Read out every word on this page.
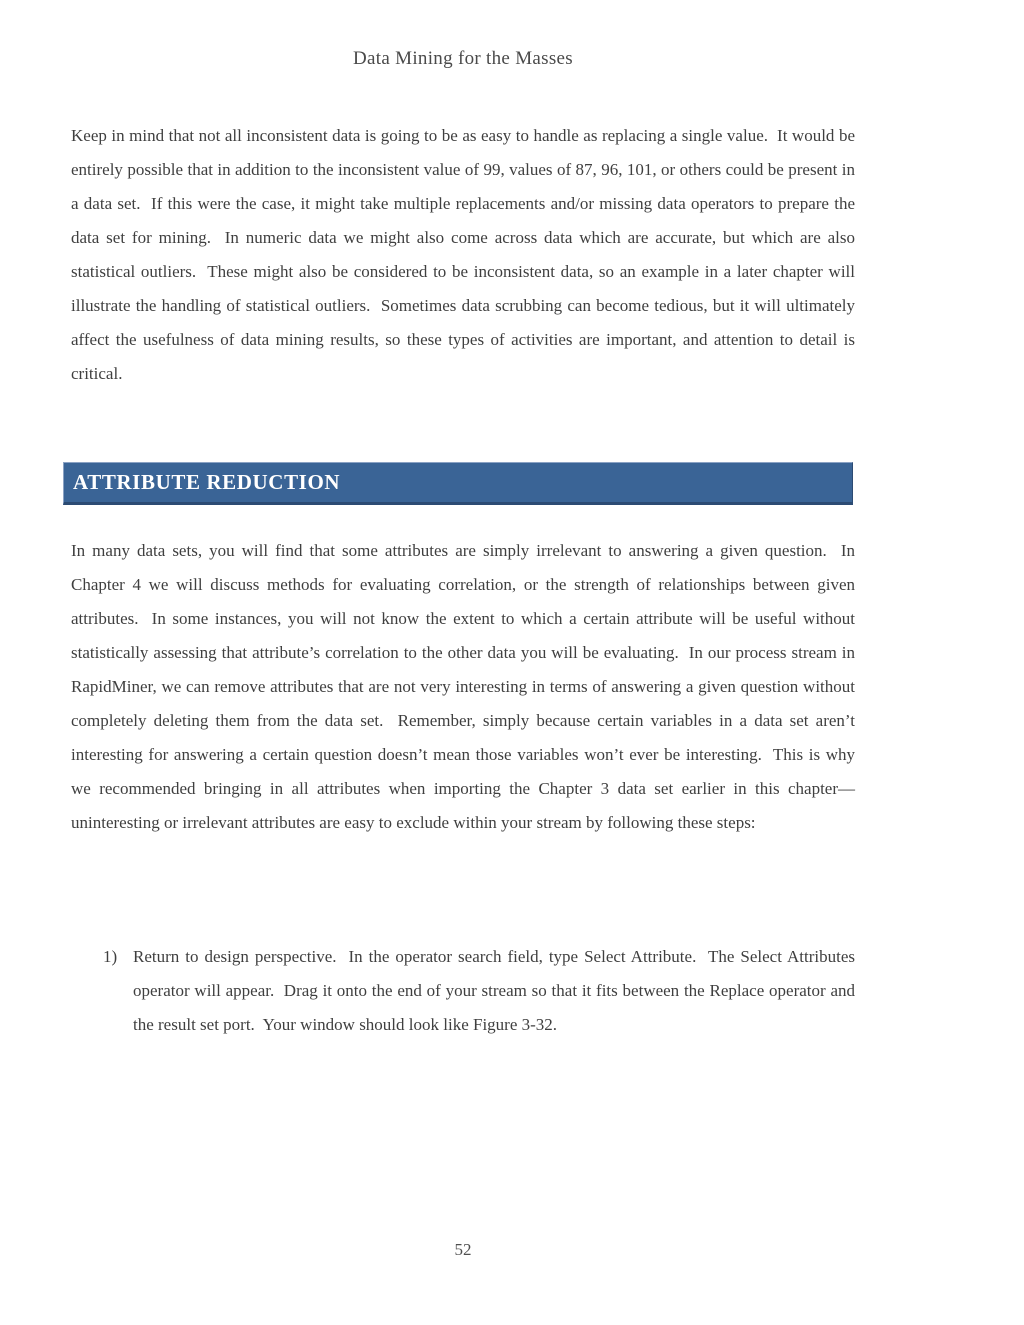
Data Mining for the Masses
Keep in mind that not all inconsistent data is going to be as easy to handle as replacing a single value.  It would be entirely possible that in addition to the inconsistent value of 99, values of 87, 96, 101, or others could be present in a data set.  If this were the case, it might take multiple replacements and/or missing data operators to prepare the data set for mining.  In numeric data we might also come across data which are accurate, but which are also statistical outliers.  These might also be considered to be inconsistent data, so an example in a later chapter will illustrate the handling of statistical outliers.  Sometimes data scrubbing can become tedious, but it will ultimately affect the usefulness of data mining results, so these types of activities are important, and attention to detail is critical.
ATTRIBUTE REDUCTION
In many data sets, you will find that some attributes are simply irrelevant to answering a given question.  In Chapter 4 we will discuss methods for evaluating correlation, or the strength of relationships between given attributes.  In some instances, you will not know the extent to which a certain attribute will be useful without statistically assessing that attribute’s correlation to the other data you will be evaluating.  In our process stream in RapidMiner, we can remove attributes that are not very interesting in terms of answering a given question without completely deleting them from the data set.  Remember, simply because certain variables in a data set aren’t interesting for answering a certain question doesn’t mean those variables won’t ever be interesting.  This is why we recommended bringing in all attributes when importing the Chapter 3 data set earlier in this chapter—uninteresting or irrelevant attributes are easy to exclude within your stream by following these steps:
1) Return to design perspective.  In the operator search field, type Select Attribute.  The Select Attributes operator will appear.  Drag it onto the end of your stream so that it fits between the Replace operator and the result set port.  Your window should look like Figure 3-32.
52
